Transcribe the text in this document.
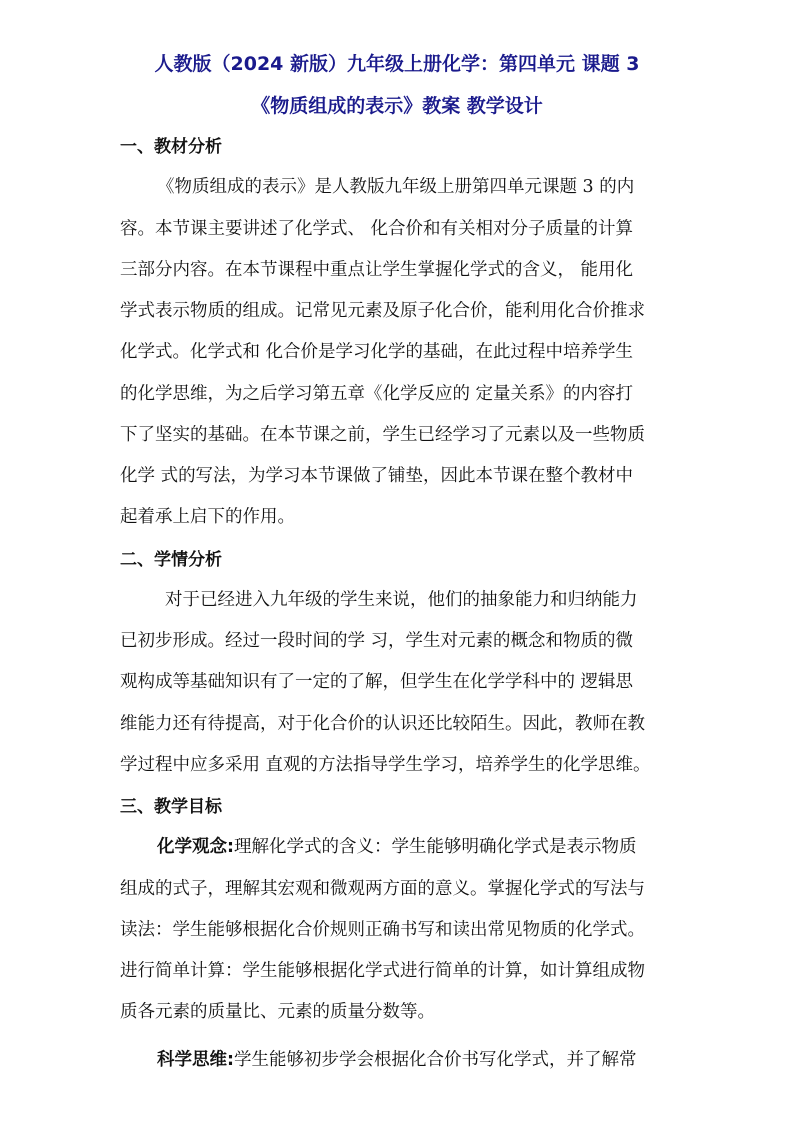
人教版（2024 新版）九年级上册化学：第四单元 课题 3
《物质组成的表示》教案 教学设计
一、教材分析
《物质组成的表示》是人教版九年级上册第四单元课题 3 的内
容。本节课主要讲述了化学式、 化合价和有关相对分子质量的计算
三部分内容。在本节课程中重点让学生掌握化学式的含义， 能用化
学式表示物质的组成。记常见元素及原子化合价，能利用化合价推求
化学式。化学式和 化合价是学习化学的基础，在此过程中培养学生
的化学思维，为之后学习第五章《化学反应的 定量关系》的内容打
下了坚实的基础。在本节课之前，学生已经学习了元素以及一些物质
化学 式的写法，为学习本节课做了铺垫，因此本节课在整个教材中
起着承上启下的作用。
二、学情分析
对于已经进入九年级的学生来说，他们的抽象能力和归纳能力
已初步形成。经过一段时间的学 习，学生对元素的概念和物质的微
观构成等基础知识有了一定的了解，但学生在化学学科中的 逻辑思
维能力还有待提高，对于化合价的认识还比较陌生。因此，教师在教
学过程中应多采用 直观的方法指导学生学习，培养学生的化学思维。
三、教学目标
化学观念:理解化学式的含义：学生能够明确化学式是表示物质
组成的式子，理解其宏观和微观两方面的意义。掌握化学式的写法与
读法：学生能够根据化合价规则正确书写和读出常见物质的化学式。
进行简单计算：学生能够根据化学式进行简单的计算，如计算组成物
质各元素的质量比、元素的质量分数等。
科学思维:学生能够初步学会根据化合价书写化学式，并了解常
